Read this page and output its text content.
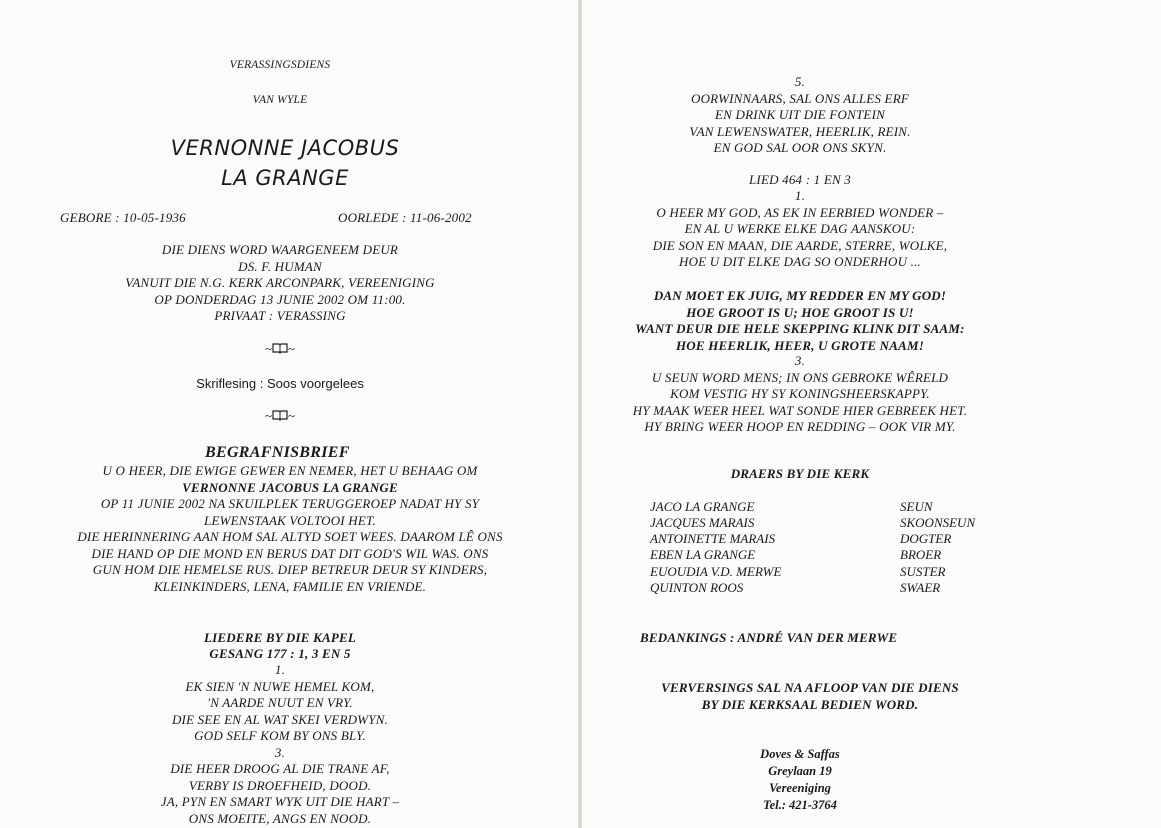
VERASSINGSDIENS
VAN WYLE
VERNONNE JACOBUS
LA GRANGE
GEBORE : 10-05-1936	OORLEDE : 11-06-2002
DIE DIENS WORD WAARGENEEM DEUR
DS. F. HUMAN
VANUIT DIE N.G. KERK ARCONPARK, VEREENIGING
OP DONDERDAG 13 JUNIE 2002 OM 11:00.
PRIVAAT : VERASSING
~ ~
Skriflesing : Soos voorgelees
~ ~
BEGRAFNISBRIEF
U O HEER, DIE EWIGE GEWER EN NEMER, HET U BEHAAG OM
VERNONNE JACOBUS LA GRANGE
OP 11 JUNIE 2002 NA SKUILPLEK TERUGGEROEP NADAT HY SY
LEWENSTAAK VOLTOOI HET.
DIE HERINNERING AAN HOM SAL ALTYD SOET WEES. DAAROM LÊ ONS
DIE HAND OP DIE MOND EN BERUS DAT DIT GOD'S WIL WAS. ONS
GUN HOM DIE HEMELSE RUS. DIEP BETREUR DEUR SY KINDERS,
KLEINKINDERS, LENA, FAMILIE EN VRIENDE.
LIEDERE BY DIE KAPEL
GESANG 177 : 1, 3 EN 5
1.
EK SIEN 'N NUWE HEMEL KOM,
'N AARDE NUUT EN VRY.
DIE SEE EN AL WAT SKEI VERDWYN.
GOD SELF KOM BY ONS BLY.
3.
DIE HEER DROOG AL DIE TRANE AF,
VERBY IS DROEFHEID, DOOD.
JA, PYN EN SMART WYK UIT DIE HART –
ONS MOEITE, ANGS EN NOOD.
5.
OORWINNAARS, SAL ONS ALLES ERF
EN DRINK UIT DIE FONTEIN
VAN LEWENSWATER, HEERLIK, REIN.
EN GOD SAL OOR ONS SKYN.
LIED 464 : 1 EN 3
1.
O HEER MY GOD, AS EK IN EERBIED WONDER –
EN AL U WERKE ELKE DAG AANSKOU:
DIE SON EN MAAN, DIE AARDE, STERRE, WOLKE,
HOE U DIT ELKE DAG SO ONDERHOU ...
DAN MOET EK JUIG, MY REDDER EN MY GOD!
HOE GROOT IS U; HOE GROOT IS U!
WANT DEUR DIE HELE SKEPPING KLINK DIT SAAM:
HOE HEERLIK, HEER, U GROTE NAAM!
3.
U SEUN WORD MENS; IN ONS GEBROKE WÊRELD
KOM VESTIG HY SY KONINGSHEERSKAPPY.
HY MAAK WEER HEEL WAT SONDE HIER GEBREEK HET.
HY BRING WEER HOOP EN REDDING – OOK VIR MY.
DRAERS BY DIE KERK
JACO LA GRANGE	SEUN
JACQUES MARAIS	SKOONSEUN
ANTOINETTE MARAIS	DOGTER
EBEN LA GRANGE	BROER
EUOUDIA V.D. MERWE	SUSTER
QUINTON ROOS	SWAER
BEDANKINGS : ANDRÉ VAN DER MERWE
VERVERSINGS SAL NA AFLOOP VAN DIE DIENS
BY DIE KERKSAAL BEDIEN WORD.
Doves & Saffas
Greylaan 19
Vereeniging
Tel.: 421-3764
